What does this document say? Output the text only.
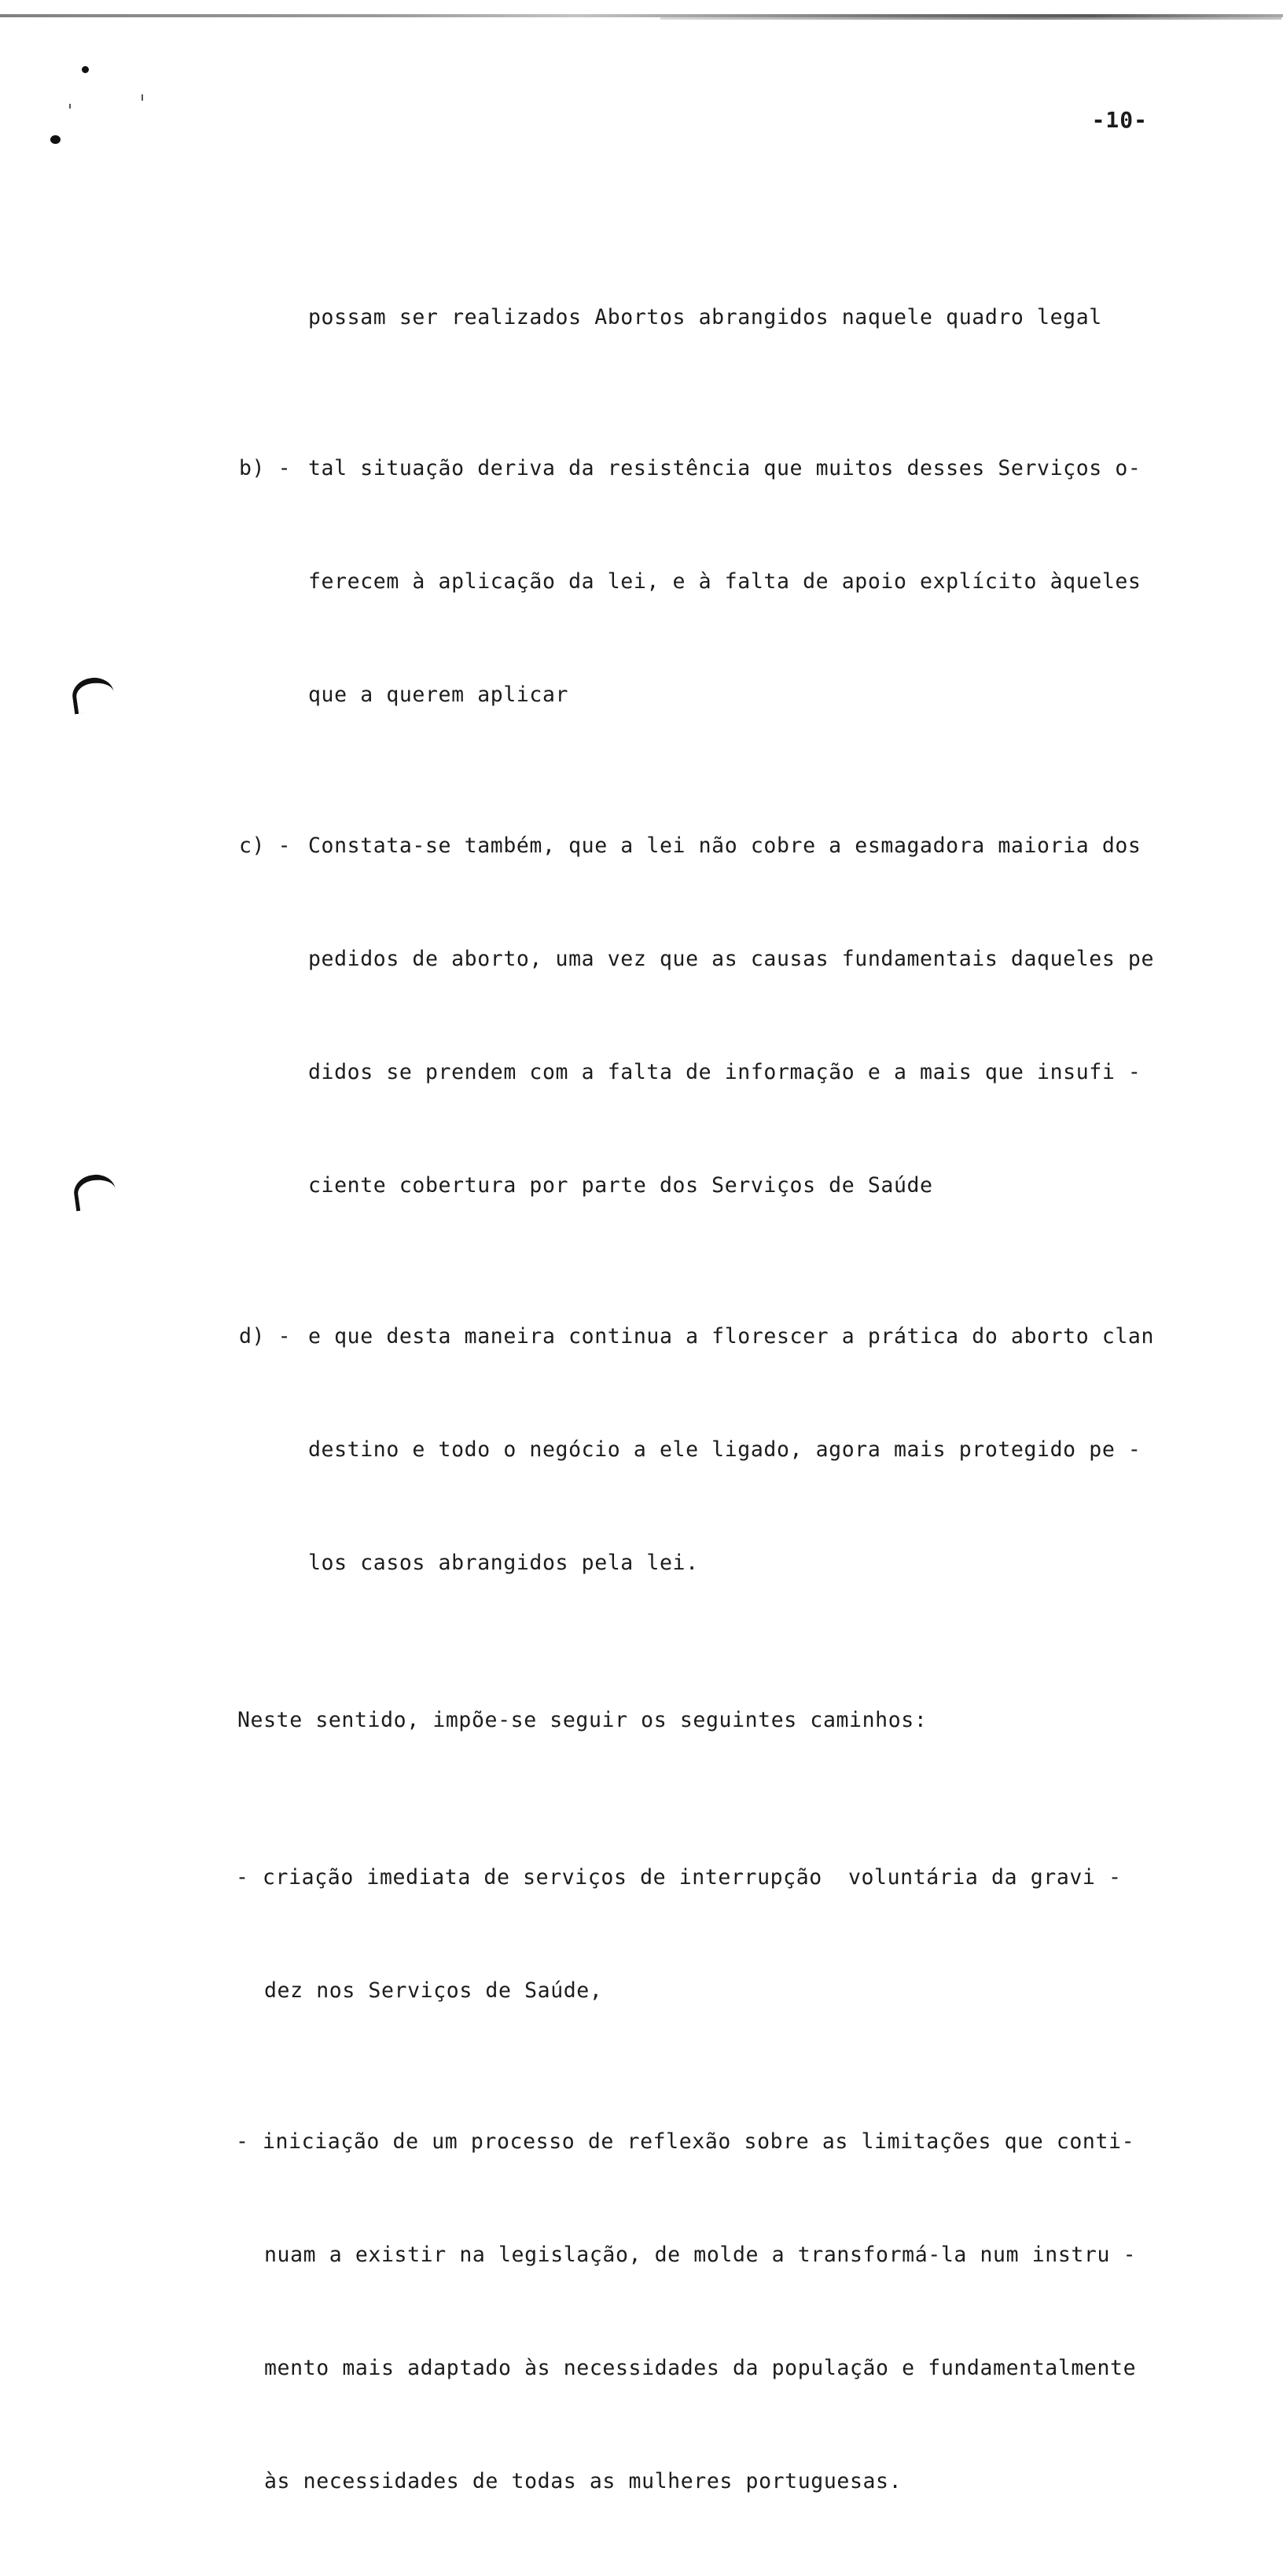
-10-

possam ser realizados Abortos abrangidos naquele quadro legal

b) - tal situação deriva da resistência que muitos desses Serviços o-

ferecem à aplicação da lei, e à falta de apoio explícito àqueles

que a querem aplicar

c) - Constata-se também, que a lei não cobre a esmagadora maioria dos

pedidos de aborto, uma vez que as causas fundamentais daqueles pe

didos se prendem com a falta de informação e a mais que insufi -

ciente cobertura por parte dos Serviços de Saúde

d) - e que desta maneira continua a florescer a prática do aborto clan

destino e todo o negócio a ele ligado, agora mais protegido pe -

los casos abrangidos pela lei.

Neste sentido, impõe-se seguir os seguintes caminhos:

- criação imediata de serviços de interrupção  voluntária da gravi -

dez nos Serviços de Saúde,

- iniciação de um processo de reflexão sobre as limitações que conti-

nuam a existir na legislação, de molde a transformá-la num instru -

mento mais adaptado às necessidades da população e fundamentalmente

às necessidades de todas as mulheres portuguesas.
